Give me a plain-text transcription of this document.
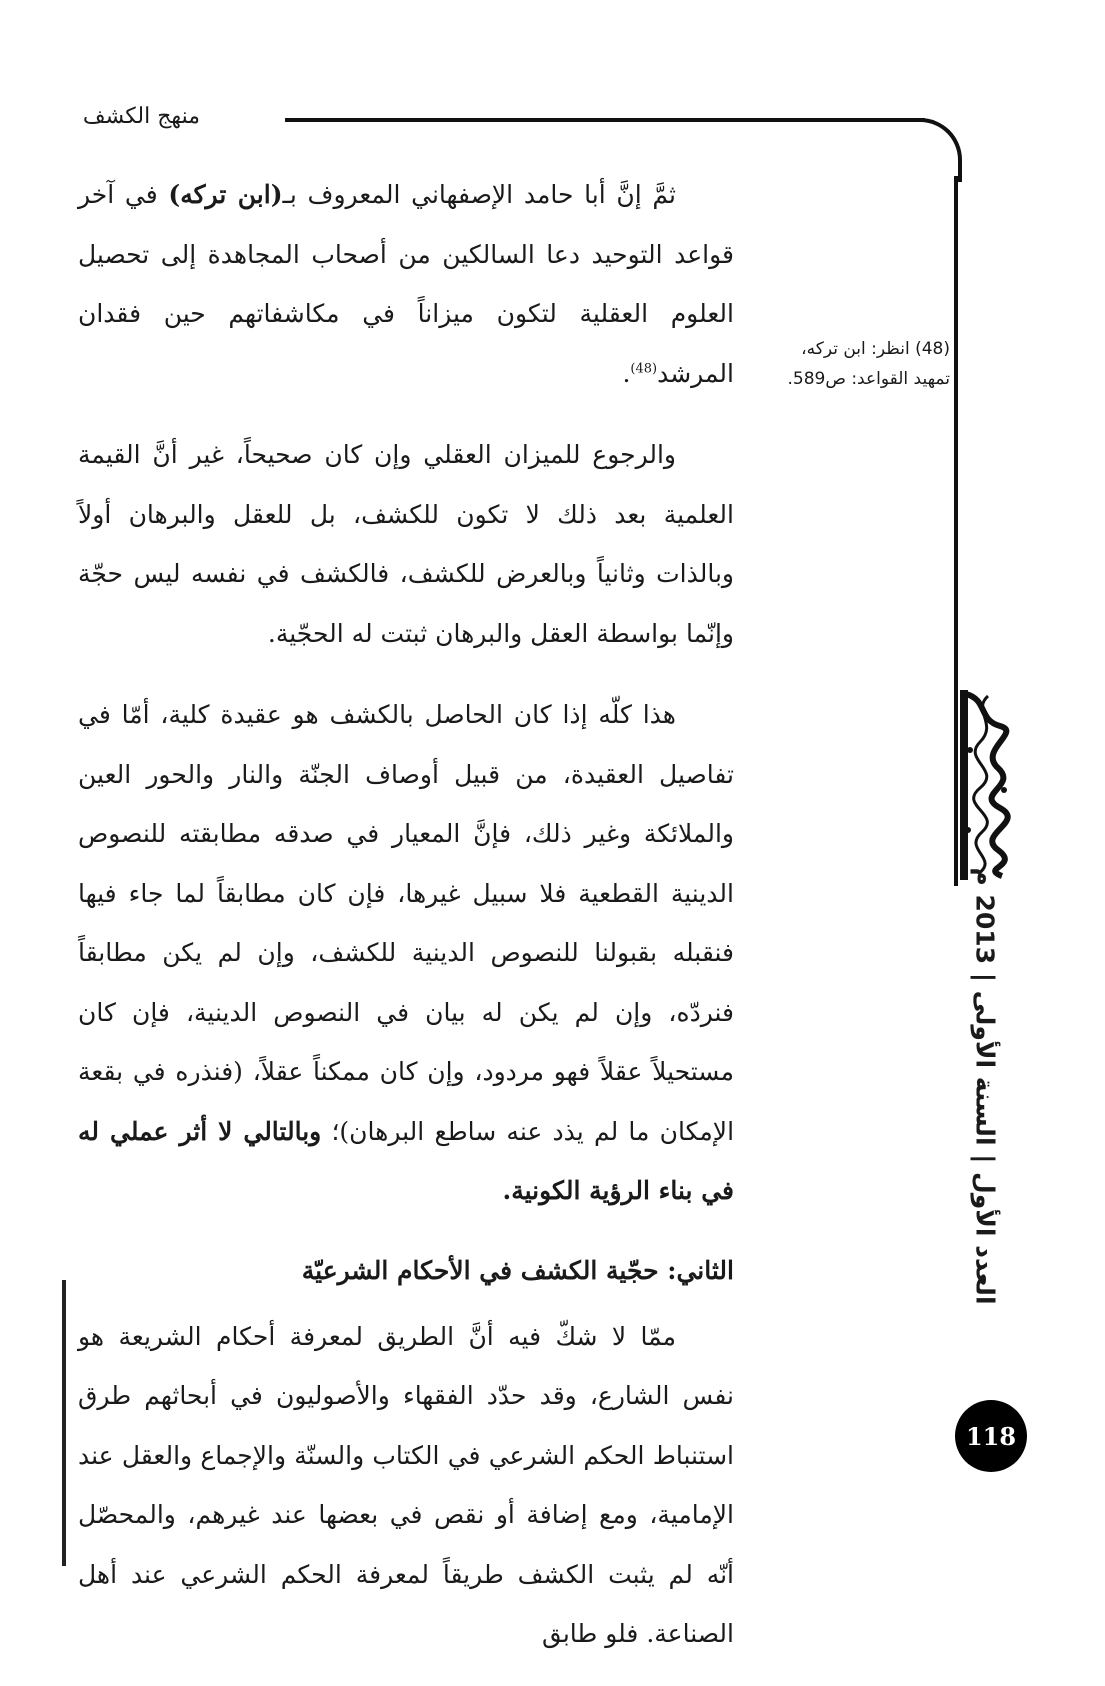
منهج الكشف

ثمَّ إنَّ أبا حامد الإصفهاني المعروف بـ(ابن تركه) في آخر قواعد التوحيد دعا السالكين من أصحاب المجاهدة إلى تحصيل العلوم العقلية لتكون ميزاناً في مكاشفاتهم حين فقدان المرشد$^{(48)}$.

والرجوع للميزان العقلي وإن كان صحيحاً، غير أنَّ القيمة العلمية بعد ذلك لا تكون للكشف، بل للعقل والبرهان أولاً وبالذات وثانياً وبالعرض للكشف، فالكشف في نفسه ليس حجّة وإنّما بواسطة العقل والبرهان ثبتت له الحجّية.

هذا كلّه إذا كان الحاصل بالكشف هو عقيدة كلية، أمّا في تفاصيل العقيدة، من قبيل أوصاف الجنّة والنار والحور العين والملائكة وغير ذلك، فإنَّ المعيار في صدقه مطابقته للنصوص الدينية القطعية فلا سبيل غيرها، فإن كان مطابقاً لما جاء فيها فنقبله بقبولنا للنصوص الدينية للكشف، وإن لم يكن مطابقاً فنردّه، وإن لم يكن له بيان في النصوص الدينية، فإن كان مستحيلاً عقلاً فهو مردود، وإن كان ممكناً عقلاً، (فنذره في بقعة الإمكان ما لم يذد عنه ساطع البرهان)؛ وبالتالي لا أثر عملي له في بناء الرؤية الكونية.

الثاني: حجّية الكشف في الأحكام الشرعيّة

ممّا لا شكّ فيه أنَّ الطريق لمعرفة أحكام الشريعة هو نفس الشارع، وقد حدّد الفقهاء والأصوليون في أبحاثهم طرق استنباط الحكم الشرعي في الكتاب والسنّة والإجماع والعقل عند الإمامية، ومع إضافة أو نقص في بعضها عند غيرهم، والمحصّل أنّه لم يثبت الكشف طريقاً لمعرفة الحكم الشرعي عند أهل الصناعة. فلو طابق

(48) انظر: ابن تركه،
تمهيد القواعد: ص589.
العدد الأول | السنة الأولى | 2013 م
118
